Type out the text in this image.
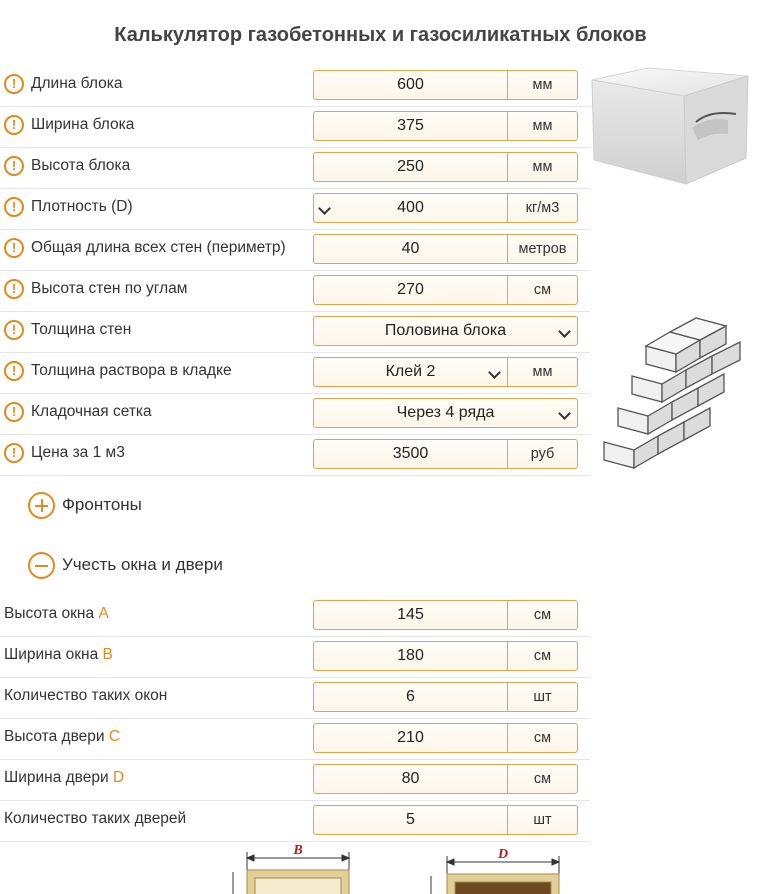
Калькулятор газобетонных и газосиликатных блоков
! Длина блока	600	мм
! Ширина блока	375	мм
! Высота блока	250	мм
! Плотность (D)	400	кг/м3
! Общая длина всех стен (периметр)	40	метров
! Высота стен по углам	270	см
! Толщина стен	Половина блока
! Толщина раствора в кладке	Клей 2	мм
! Кладочная сетка	Через 4 ряда
! Цена за 1 м3	3500	руб
Фронтоны
Учесть окна и двери
Высота окна A	145	см
Ширина окна B	180	см
Количество таких окон	6	шт
Высота двери C	210	см
Ширина двери D	80	см
Количество таких дверей	5	шт
B	D
